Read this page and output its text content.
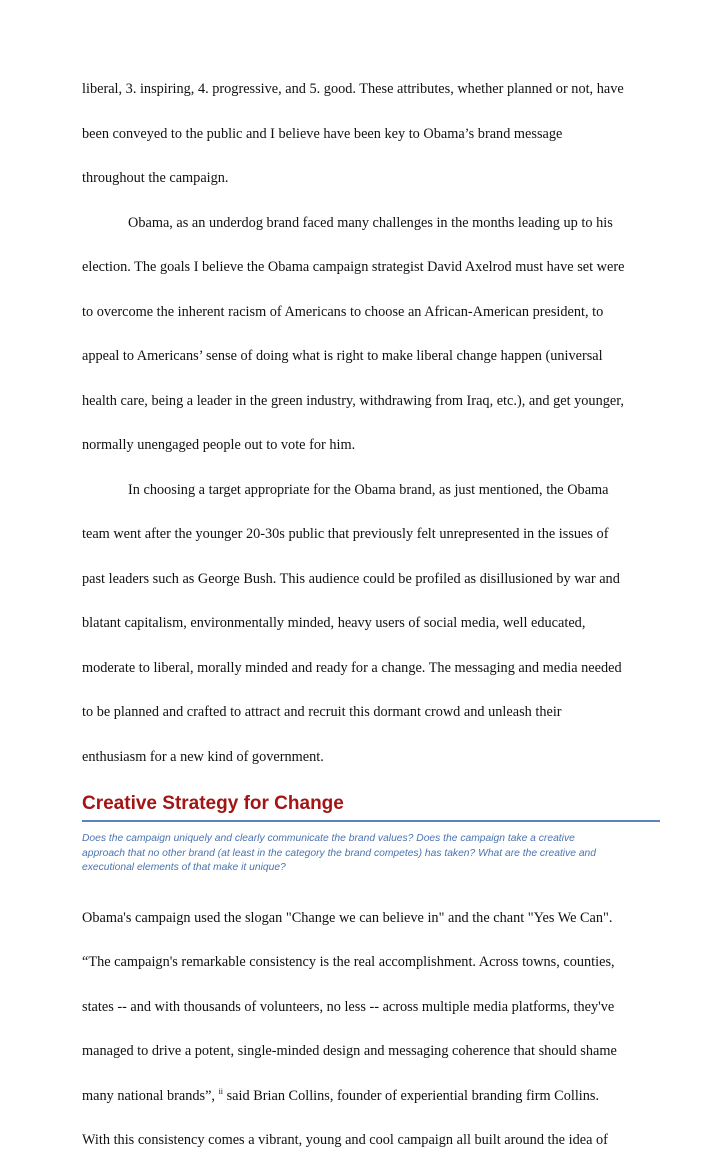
liberal, 3. inspiring, 4. progressive, and 5. good. These attributes, whether planned or not, have
been conveyed to the public and I believe have been key to Obama’s brand message
throughout the campaign.
Obama, as an underdog brand faced many challenges in the months leading up to his
election. The goals I believe the Obama campaign strategist David Axelrod must have set were
to overcome the inherent racism of Americans to choose an African-American president, to
appeal to Americans’ sense of doing what is right to make liberal change happen (universal
health care, being a leader in the green industry, withdrawing from Iraq, etc.), and get younger,
normally unengaged people out to vote for him.
In choosing a target appropriate for the Obama brand, as just mentioned, the Obama
team went after the younger 20-30s public that previously felt unrepresented in the issues of
past leaders such as George Bush. This audience could be profiled as disillusioned by war and
blatant capitalism, environmentally minded, heavy users of social media, well educated,
moderate to liberal, morally minded and ready for a change. The messaging and media needed
to be planned and crafted to attract and recruit this dormant crowd and unleash their
enthusiasm for a new kind of government.
Creative Strategy for Change
Does the campaign uniquely and clearly communicate the brand values? Does the campaign take a creative
approach that no other brand (at least in the category the brand competes) has taken? What are the creative and
executional elements of that make it unique?
Obama's campaign used the slogan "Change we can believe in" and the chant "Yes We Can".
“The campaign's remarkable consistency is the real accomplishment. Across towns, counties,
states -- and with thousands of volunteers, no less -- across multiple media platforms, they've
managed to drive a potent, single-minded design and messaging coherence that should shame
many national brands”, $^{ii}$ said Brian Collins, founder of experiential branding firm Collins.
With this consistency comes a vibrant, young and cool campaign all built around the idea of
